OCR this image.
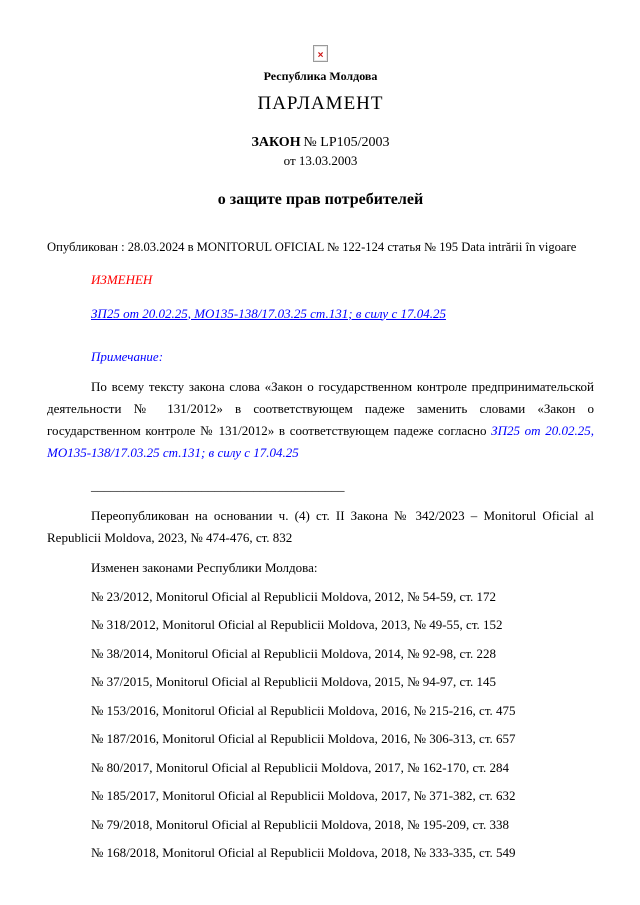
×
Республика Молдова
ПАРЛАМЕНТ
ЗАКОН  № LP105/2003
от 13.03.2003
о защите прав потребителей

Опубликован : 28.03.2024 в MONITORUL OFICIAL № 122-124 статья № 195 Data intrării în vigoare

ИЗМЕНЕН

ЗП25 от 20.02.25, МО135-138/17.03.25 ст.131; в силу с 17.04.25

Примечание:

По всему тексту закона слова «Закон о государственном контроле предпринимательской деятельности № 131/2012» в соответствующем падеже заменить словами «Закон о государственном контроле № 131/2012» в соответствующем падеже согласно ЗП25 от 20.02.25, МО135-138/17.03.25 ст.131; в силу с 17.04.25

_______________________________________

Переопубликован на основании ч. (4) ст. II Закона № 342/2023 – Monitorul Oficial al Republicii Moldova, 2023, № 474-476, ст. 832

Изменен законами Республики Молдова:

№ 23/2012, Monitorul Oficial al Republicii Moldova, 2012, № 54-59, ст. 172

№ 318/2012, Monitorul Oficial al Republicii Moldova, 2013, № 49-55, ст. 152

№ 38/2014, Monitorul Oficial al Republicii Moldova, 2014, № 92-98, ст. 228

№ 37/2015, Monitorul Oficial al Republicii Moldova, 2015, № 94-97, ст. 145

№ 153/2016, Monitorul Oficial al Republicii Moldova, 2016, № 215-216, ст. 475

№ 187/2016, Monitorul Oficial al Republicii Moldova, 2016, № 306-313, ст. 657

№ 80/2017, Monitorul Oficial al Republicii Moldova, 2017, № 162-170, ст. 284

№ 185/2017, Monitorul Oficial al Republicii Moldova, 2017, № 371-382, ст. 632

№ 79/2018, Monitorul Oficial al Republicii Moldova, 2018, № 195-209, ст. 338

№ 168/2018, Monitorul Oficial al Republicii Moldova, 2018, № 333-335, ст. 549
